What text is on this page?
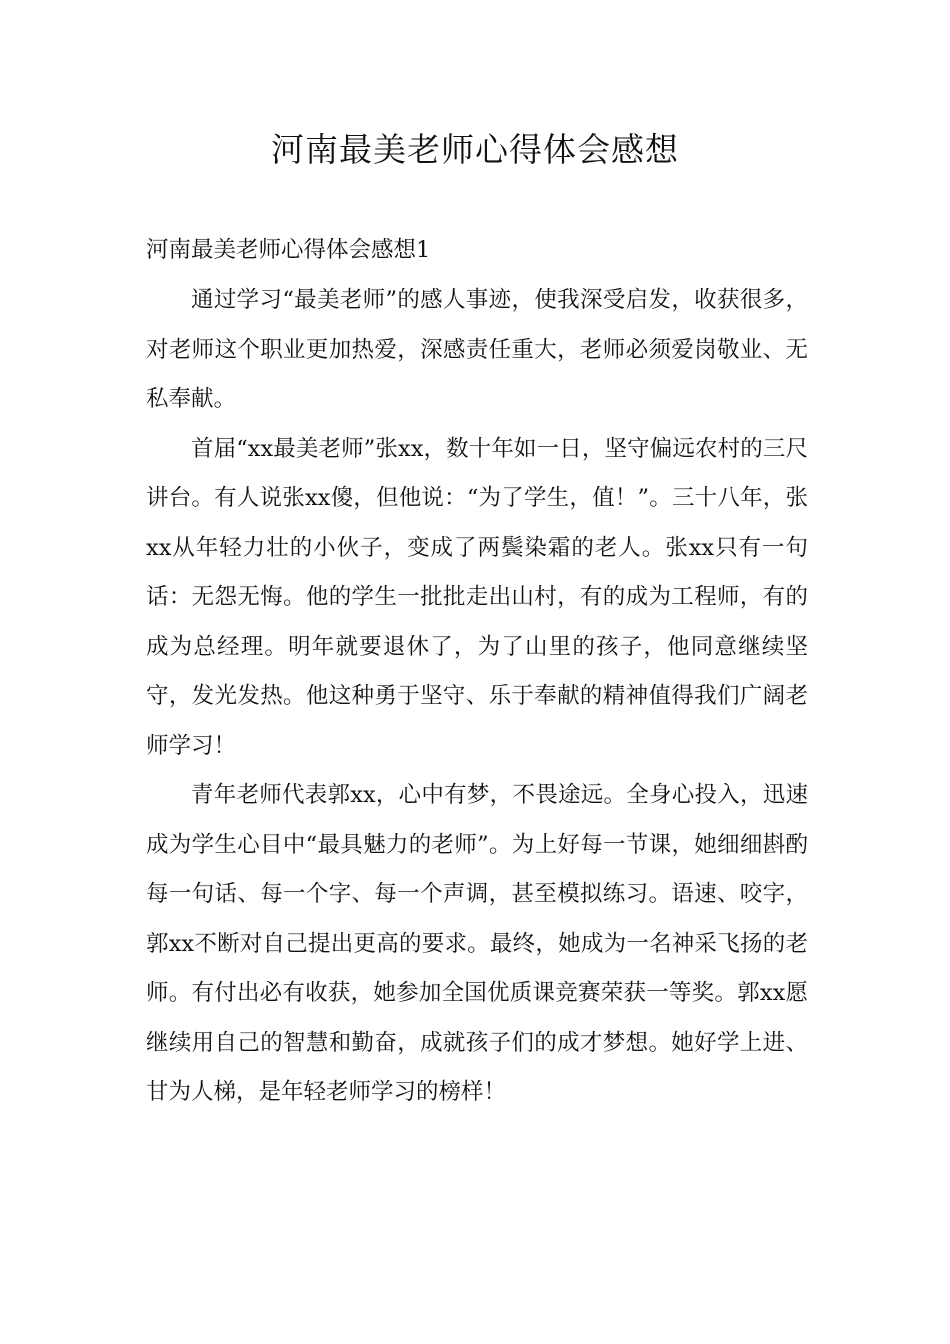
河南最美老师心得体会感想

河南最美老师心得体会感想1

通过学习“最美老师”的感人事迹，使我深受启发，收获很多，对老师这个职业更加热爱，深感责任重大，老师必须爱岗敬业、无私奉献。

首届“xx最美老师”张xx，数十年如一日，坚守偏远农村的三尺讲台。有人说张xx傻，但他说：“为了学生，值！”。三十八年，张xx从年轻力壮的小伙子，变成了两鬓染霜的老人。张xx只有一句话：无怨无悔。他的学生一批批走出山村，有的成为工程师，有的成为总经理。明年就要退休了，为了山里的孩子，他同意继续坚守，发光发热。他这种勇于坚守、乐于奉献的精神值得我们广阔老师学习！

青年老师代表郭xx，心中有梦，不畏途远。全身心投入，迅速成为学生心目中“最具魅力的老师”。为上好每一节课，她细细斟酌每一句话、每一个字、每一个声调，甚至模拟练习。语速、咬字，郭xx不断对自己提出更高的要求。最终，她成为一名神采飞扬的老师。有付出必有收获，她参加全国优质课竞赛荣获一等奖。郭xx愿继续用自己的智慧和勤奋，成就孩子们的成才梦想。她好学上进、甘为人梯，是年轻老师学习的榜样！
